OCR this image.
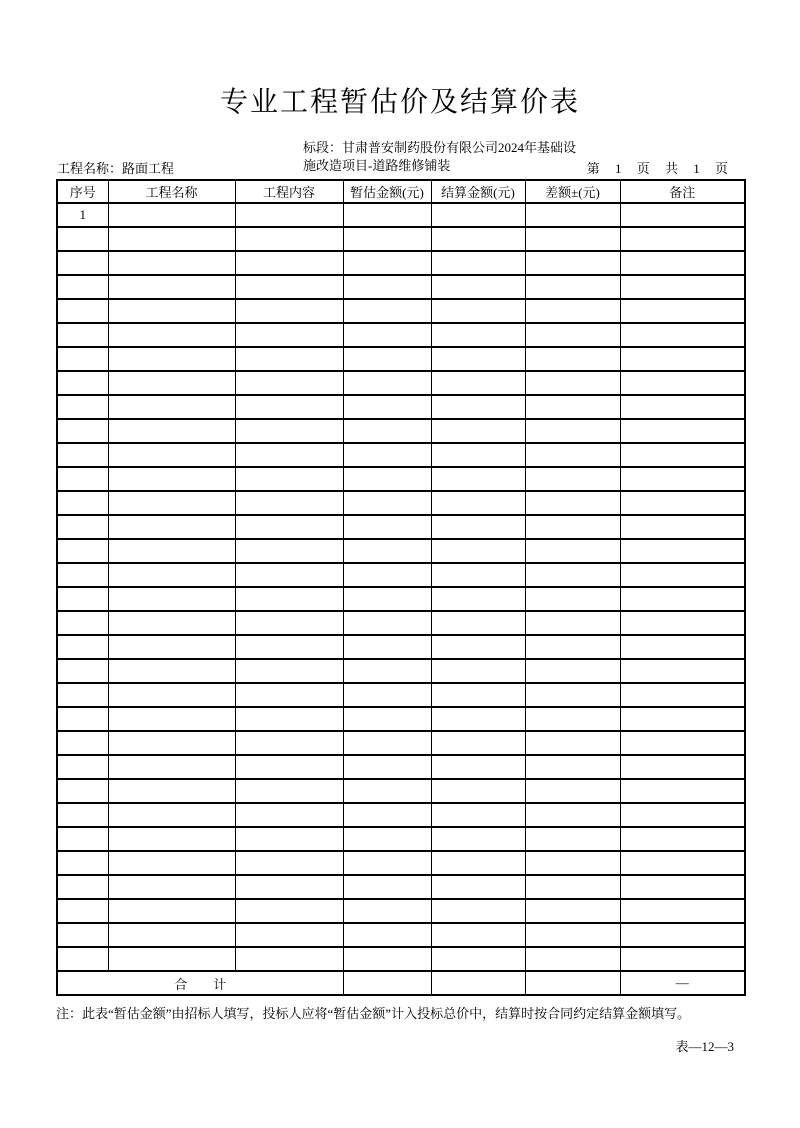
专业工程暂估价及结算价表
工程名称：路面工程
标段：甘肃普安制药股份有限公司2024年基础设
施改造项目-道路维修铺装	第 1 页 共 1 页
序号	工程名称	工程内容	暂估金额(元)	结算金额(元)	差额±(元)	备注
1						

合　　计						—
注：此表“暂估金额”由招标人填写，投标人应将“暂估金额”计入投标总价中，结算时按合同约定结算金额填写。
表—12—3
